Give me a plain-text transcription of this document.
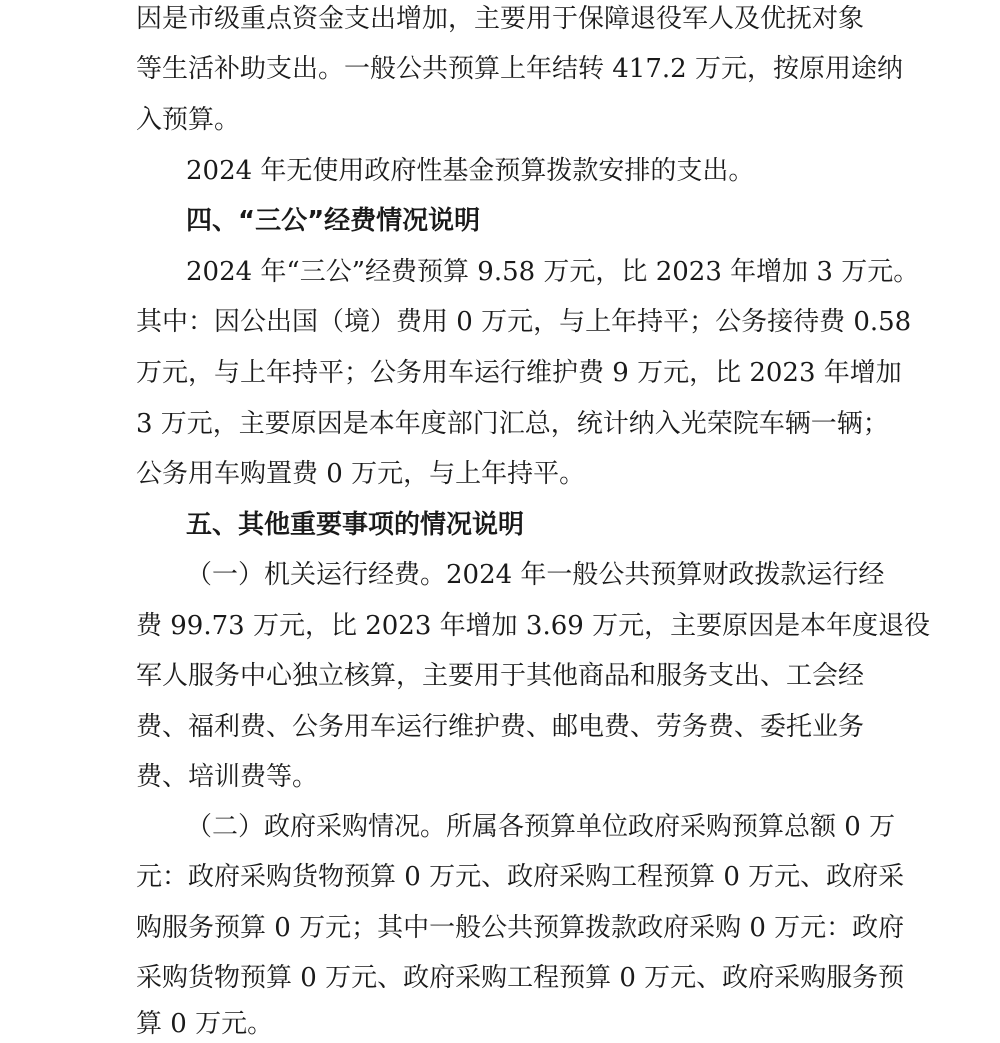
因是市级重点资金支出增加，主要用于保障退役军人及优抚对象
等生活补助支出。一般公共预算上年结转 417.2 万元，按原用途纳
入预算。
2024 年无使用政府性基金预算拨款安排的支出。
四、“三公”经费情况说明
2024 年“三公”经费预算 9.58 万元，比 2023 年增加 3 万元。
其中：因公出国（境）费用 0 万元，与上年持平；公务接待费 0.58
万元，与上年持平；公务用车运行维护费 9 万元，比 2023 年增加
3 万元，主要原因是本年度部门汇总，统计纳入光荣院车辆一辆；
公务用车购置费 0 万元，与上年持平。
五、其他重要事项的情况说明
（一）机关运行经费。2024 年一般公共预算财政拨款运行经
费 99.73 万元，比 2023 年增加 3.69 万元，主要原因是本年度退役
军人服务中心独立核算，主要用于其他商品和服务支出、工会经
费、福利费、公务用车运行维护费、邮电费、劳务费、委托业务
费、培训费等。
（二）政府采购情况。所属各预算单位政府采购预算总额 0 万
元：政府采购货物预算 0 万元、政府采购工程预算 0 万元、政府采
购服务预算 0 万元；其中一般公共预算拨款政府采购 0 万元：政府
采购货物预算 0 万元、政府采购工程预算 0 万元、政府采购服务预
算 0 万元。
